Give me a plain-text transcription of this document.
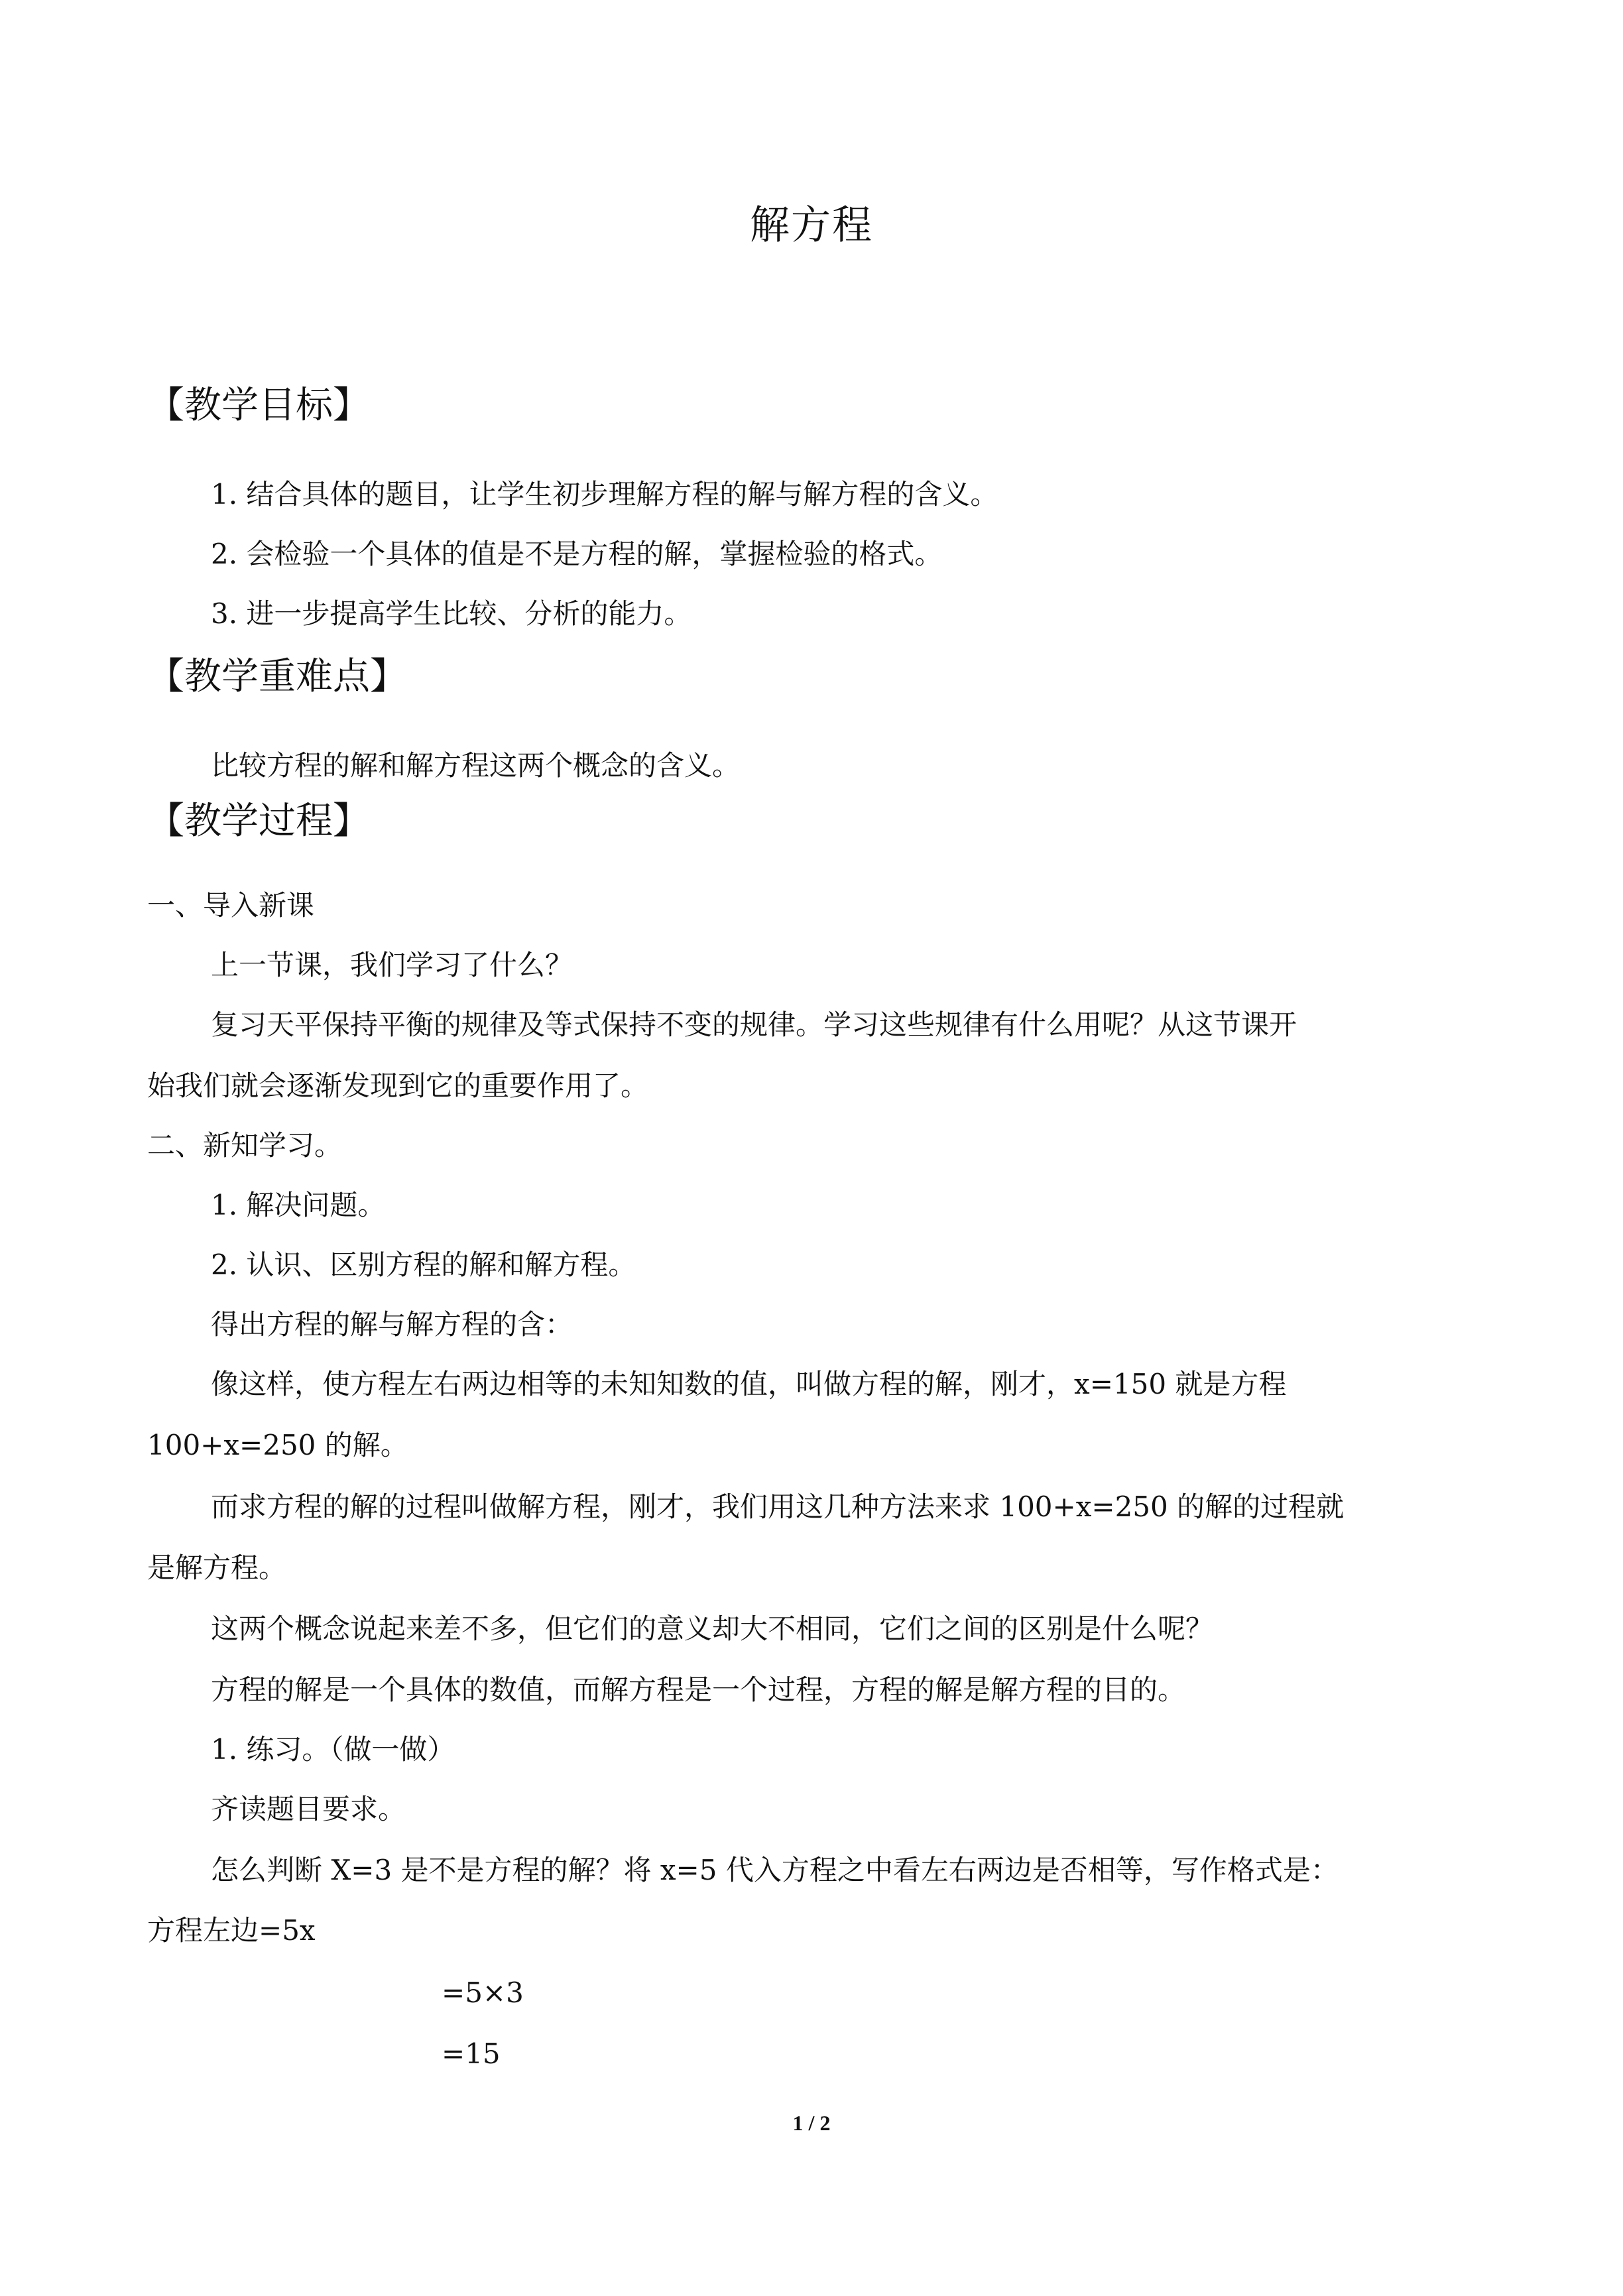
解方程
【教学目标】
1. 结合具体的题目，让学生初步理解方程的解与解方程的含义。
2. 会检验一个具体的值是不是方程的解，掌握检验的格式。
3. 进一步提高学生比较、分析的能力。
【教学重难点】
比较方程的解和解方程这两个概念的含义。
【教学过程】
一、导入新课
上一节课，我们学习了什么？
复习天平保持平衡的规律及等式保持不变的规律。学习这些规律有什么用呢？从这节课开
始我们就会逐渐发现到它的重要作用了。
二、新知学习。
1. 解决问题。
2. 认识、区别方程的解和解方程。
得出方程的解与解方程的含：
像这样，使方程左右两边相等的未知知数的值，叫做方程的解，刚才，x=150 就是方程
100+x=250 的解。
而求方程的解的过程叫做解方程，刚才，我们用这几种方法来求 100+x=250 的解的过程就
是解方程。
这两个概念说起来差不多，但它们的意义却大不相同，它们之间的区别是什么呢？
方程的解是一个具体的数值，而解方程是一个过程，方程的解是解方程的目的。
1. 练习。（做一做）
齐读题目要求。
怎么判断 X=3 是不是方程的解？将 x=5 代入方程之中看左右两边是否相等，写作格式是：
方程左边=5x
=5×3
=15
1 / 2
